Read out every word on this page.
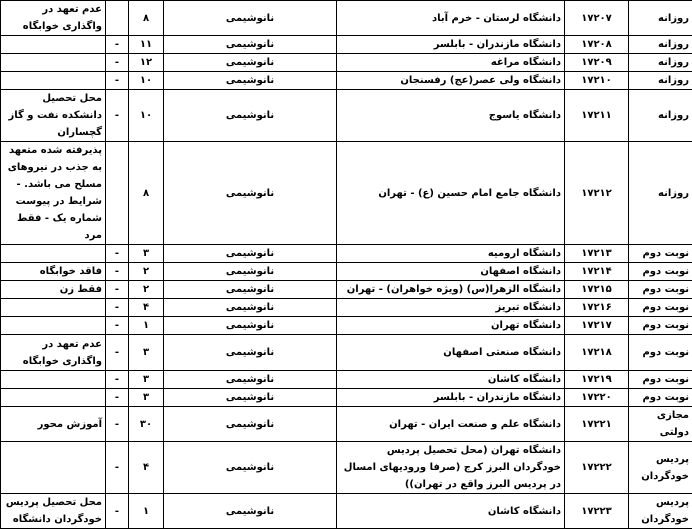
عدم تعهد در واگذاری خوابگاه		۸	نانوشیمی	دانشگاه لرستان - خرم آباد	۱۷۲۰۷	روزانه
	-	۱۱	نانوشیمی	دانشگاه مازندران - بابلسر	۱۷۲۰۸	روزانه
	-	۱۲	نانوشیمی	دانشگاه مراغه	۱۷۲۰۹	روزانه
	-	۱۰	نانوشیمی	دانشگاه ولی عصر(عج) رفسنجان	۱۷۲۱۰	روزانه
محل تحصیل دانشکده نفت و گاز گچساران	-	۱۰	نانوشیمی	دانشگاه یاسوج	۱۷۲۱۱	روزانه
پذیرفته شده متعهد به جذب در نیروهای مسلح می باشد. - شرایط در پیوست شماره یک - فقط مرد		۸	نانوشیمی	دانشگاه جامع امام حسین (ع) - تهران	۱۷۲۱۲	روزانه
	-	۳	نانوشیمی	دانشگاه ارومیه	۱۷۲۱۳	نوبت دوم
فاقد خوابگاه	-	۲	نانوشیمی	دانشگاه اصفهان	۱۷۲۱۴	نوبت دوم
فقط زن	-	۲	نانوشیمی	دانشگاه الزهرا(س) (ویژه خواهران) - تهران	۱۷۲۱۵	نوبت دوم
	-	۴	نانوشیمی	دانشگاه تبریز	۱۷۲۱۶	نوبت دوم
	-	۱	نانوشیمی	دانشگاه تهران	۱۷۲۱۷	نوبت دوم
عدم تعهد در واگذاری خوابگاه	-	۳	نانوشیمی	دانشگاه صنعتی اصفهان	۱۷۲۱۸	نوبت دوم
	-	۳	نانوشیمی	دانشگاه کاشان	۱۷۲۱۹	نوبت دوم
	-	۳	نانوشیمی	دانشگاه مازندران - بابلسر	۱۷۲۲۰	نوبت دوم
آموزش محور	-	۳۰	نانوشیمی	دانشگاه علم و صنعت ایران - تهران	۱۷۲۲۱	مجازی دولتی
	-	۴	نانوشیمی	دانشگاه تهران (محل تحصیل پردیس خودگردان البرز کرج (صرفا ورودیهای امسال در پردیس البرز واقع در تهران))	۱۷۲۲۲	پردیس خودگردان
محل تحصیل پردیس خودگردان دانشگاه	-	۱	نانوشیمی	دانشگاه کاشان	۱۷۲۲۳	پردیس خودگردان
